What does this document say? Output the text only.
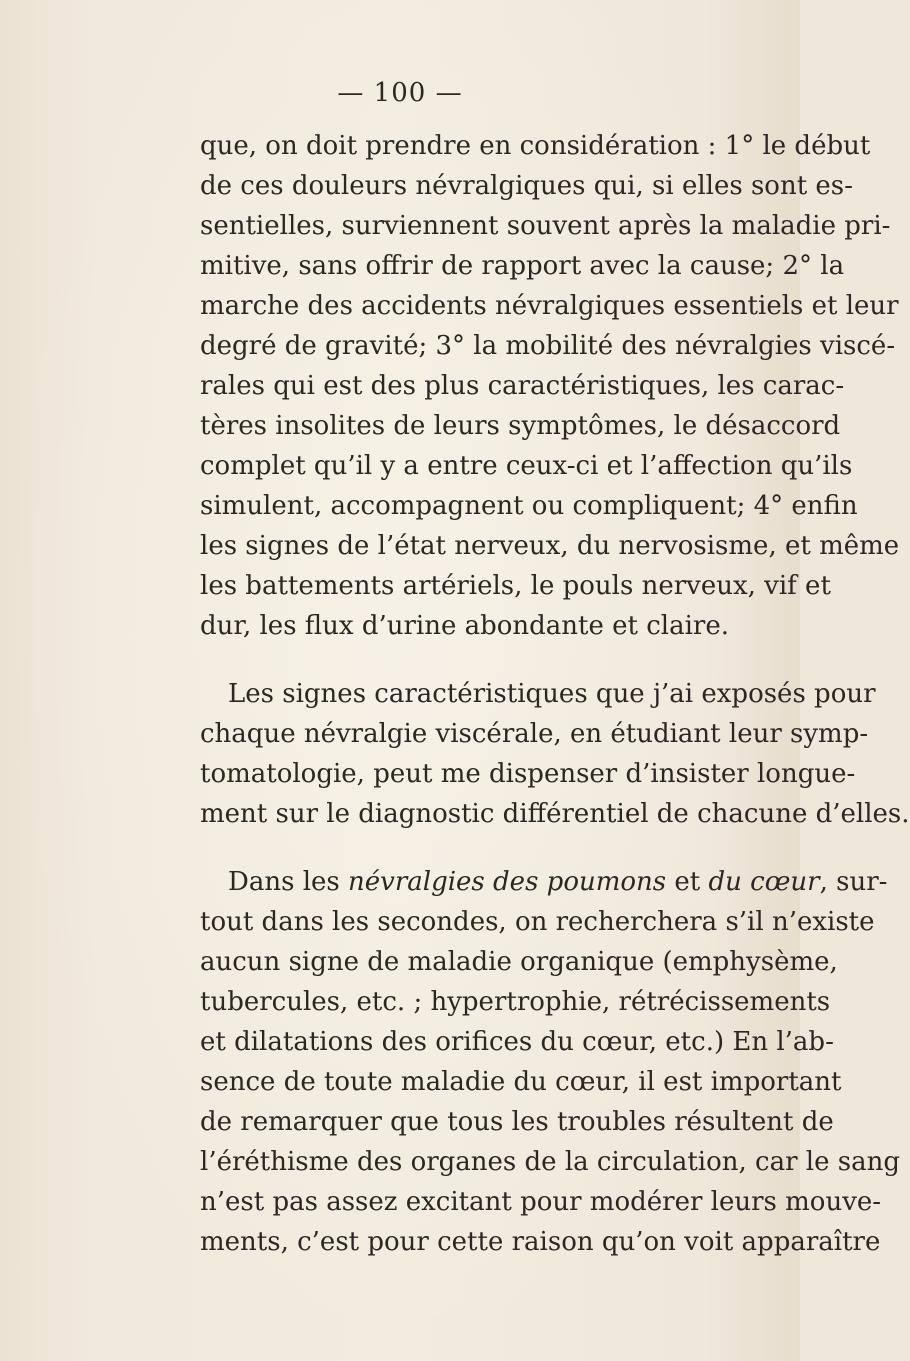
— 100 —
que, on doit prendre en considération : 1° le début
de ces douleurs névralgiques qui, si elles sont es-
sentielles, surviennent souvent après la maladie pri-
mitive, sans offrir de rapport avec la cause; 2° la
marche des accidents névralgiques essentiels et leur
degré de gravité; 3° la mobilité des névralgies viscé-
rales qui est des plus caractéristiques, les carac-
tères insolites de leurs symptômes, le désaccord
complet qu’il y a entre ceux-ci et l’affection qu’ils
simulent, accompagnent ou compliquent; 4° enfin
les signes de l’état nerveux, du nervosisme, et même
les battements artériels, le pouls nerveux, vif et
dur, les flux d’urine abondante et claire.
Les signes caractéristiques que j’ai exposés pour
chaque névralgie viscérale, en étudiant leur symp-
tomatologie, peut me dispenser d’insister longue-
ment sur le diagnostic différentiel de chacune d’elles.
Dans les névralgies des poumons et du cœur, sur-
tout dans les secondes, on recherchera s’il n’existe
aucun signe de maladie organique (emphysème,
tubercules, etc. ; hypertrophie, rétrécissements
et dilatations des orifices du cœur, etc.) En l’ab-
sence de toute maladie du cœur, il est important
de remarquer que tous les troubles résultent de
l’éréthisme des organes de la circulation, car le sang
n’est pas assez excitant pour modérer leurs mouve-
ments, c’est pour cette raison qu’on voit apparaître
